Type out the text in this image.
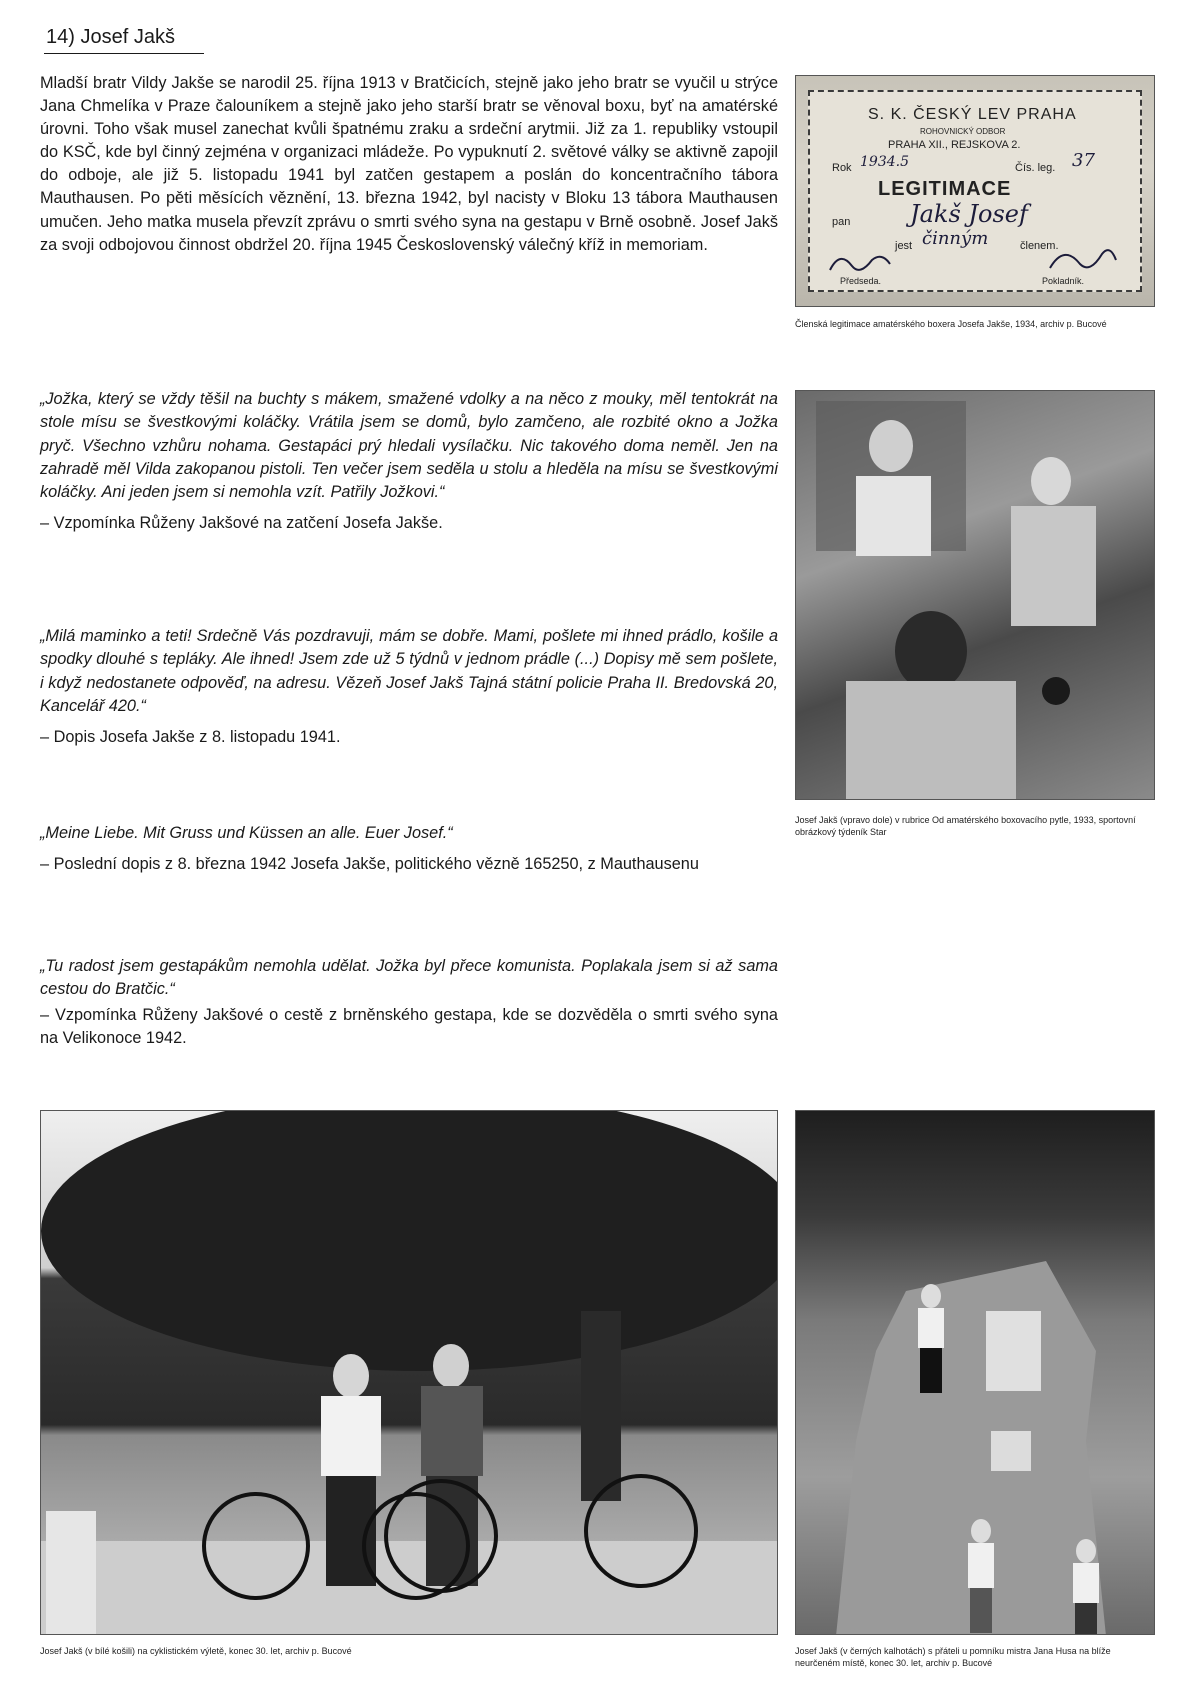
14) Josef Jakš
Mladší bratr Vildy Jakše se narodil 25. října 1913 v Bratčicích, stejně jako jeho bratr se vyučil u strýce Jana Chmelíka v Praze čalouníkem a stejně jako jeho starší bratr se věnoval boxu, byť na amatérské úrovni. Toho však musel zanechat kvůli špatnému zraku a srdeční arytmii. Již za 1. republiky vstoupil do KSČ, kde byl činný zejména v organizaci mládeže. Po vypuknutí 2. světové války se aktivně zapojil do odboje, ale již 5. listopadu 1941 byl zatčen gestapem a poslán do koncentračního tábora Mauthausen. Po pěti měsících věznění, 13. března 1942, byl nacisty v Bloku 13 tábora Mauthausen umučen. Jeho matka musela převzít zprávu o smrti svého syna na gestapu v Brně osobně. Josef Jakš za svoji odbojovou činnost obdržel 20. října 1945 Československý válečný kříž in memoriam.
S. K. ČESKÝ LEV PRAHA
ROHOVNICKÝ ODBOR
PRAHA XII., REJSKOVA 2.
Rok 1934.5	Čís. leg. 37
LEGITIMACE
pan Jakš Josef
jest činným	členem.
Předseda.	Pokladník.
Členská legitimace amatérského boxera Josefa Jakše, 1934, archiv p. Bucové
Josef Jakš (vpravo dole) v rubrice Od amatérského boxovacího pytle, 1933, sportovní obrázkový týdeník Star
„Jožka, který se vždy těšil na buchty s mákem, smažené vdolky a na něco z mouky, měl tentokrát na stole mísu se švestkovými koláčky. Vrátila jsem se domů, bylo zamčeno, ale rozbité okno a Jožka pryč. Všechno vzhůru nohama. Gestapáci prý hledali vysílačku. Nic takového doma neměl. Jen na zahradě měl Vilda zakopanou pistoli. Ten večer jsem seděla u stolu a hleděla na mísu se švestkovými koláčky. Ani jeden jsem si nemohla vzít. Patřily Jožkovi.“
– Vzpomínka Růženy Jakšové na zatčení Josefa Jakše.
„Milá maminko a teti! Srdečně Vás pozdravuji, mám se dobře. Mami, pošlete mi ihned prádlo, košile a spodky dlouhé s tepláky. Ale ihned! Jsem zde už 5 týdnů v jednom prádle (...) Dopisy mě sem pošlete, i když nedostanete odpověď, na adresu. Vězeň Josef Jakš Tajná státní policie Praha II. Bredovská 20, Kancelář 420.“
– Dopis Josefa Jakše z 8. listopadu 1941.
„Meine Liebe. Mit Gruss und Küssen an alle. Euer Josef.“
– Poslední dopis z 8. března 1942 Josefa Jakše, politického vězně 165250, z Mauthausenu
„Tu radost jsem gestapákům nemohla udělat. Jožka byl přece komunista. Poplakala jsem si až sama cestou do Bratčic.“
– Vzpomínka Růženy Jakšové o cestě z brněnského gestapa, kde se dozvěděla o smrti svého syna na Velikonoce 1942.
Josef Jakš (v bílé košili) na cyklistickém výletě, konec 30. let, archiv p. Bucové	Josef Jakš (v černých kalhotách) s přáteli u pomníku mistra Jana Husa na blíže neurčeném místě, konec 30. let, archiv p. Bucové
